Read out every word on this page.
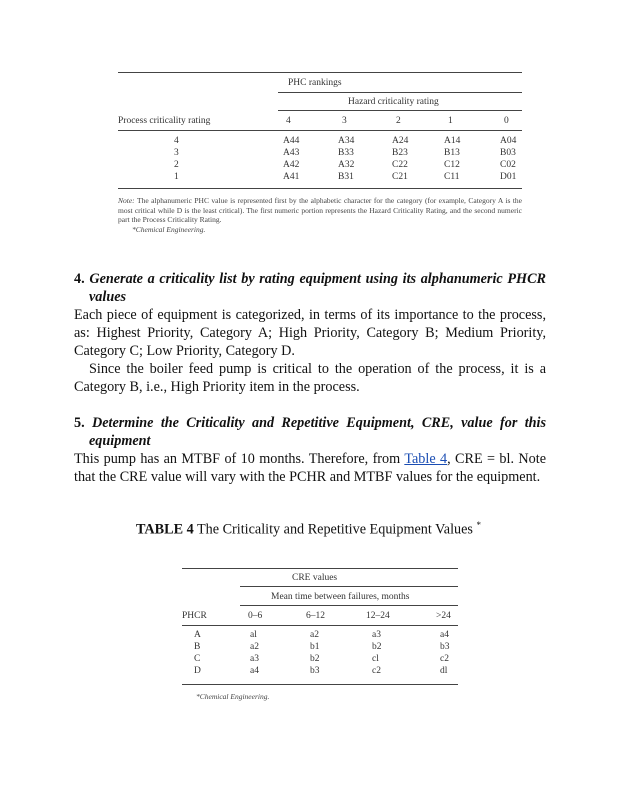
PHC rankings
Hazard criticality rating
Process criticality rating	4	3	2	1	0
4	A44	A34	A24	A14	A04
3	A43	B33	B23	B13	B03
2	A42	A32	C22	C12	C02
1	A41	B31	C21	C11	D01
Note: The alphanumeric PHC value is represented first by the alphabetic character for the category (for example, Category A is the most critical while D is the least critical). The first numeric portion represents the Hazard Criticality Rating, and the second numeric part the Process Criticality Rating.
*Chemical Engineering.
4. Generate a criticality list by rating equipment using its alphanumeric PHCR values
Each piece of equipment is categorized, in terms of its importance to the process, as: Highest Priority, Category A; High Priority, Category B; Medium Priority, Category C; Low Priority, Category D.
Since the boiler feed pump is critical to the operation of the process, it is a Category B, i.e., High Priority item in the process.
5. Determine the Criticality and Repetitive Equipment, CRE, value for this equipment
This pump has an MTBF of 10 months. Therefore, from Table 4, CRE = bl. Note that the CRE value will vary with the PCHR and MTBF values for the equipment.
TABLE 4 The Criticality and Repetitive Equipment Values *
CRE values
Mean time between failures, months
PHCR	0–6	6–12	12–24	>24
A	al	a2	a3	a4
B	a2	b1	b2	b3
C	a3	b2	cl	c2
D	a4	b3	c2	dl
*Chemical Engineering.
